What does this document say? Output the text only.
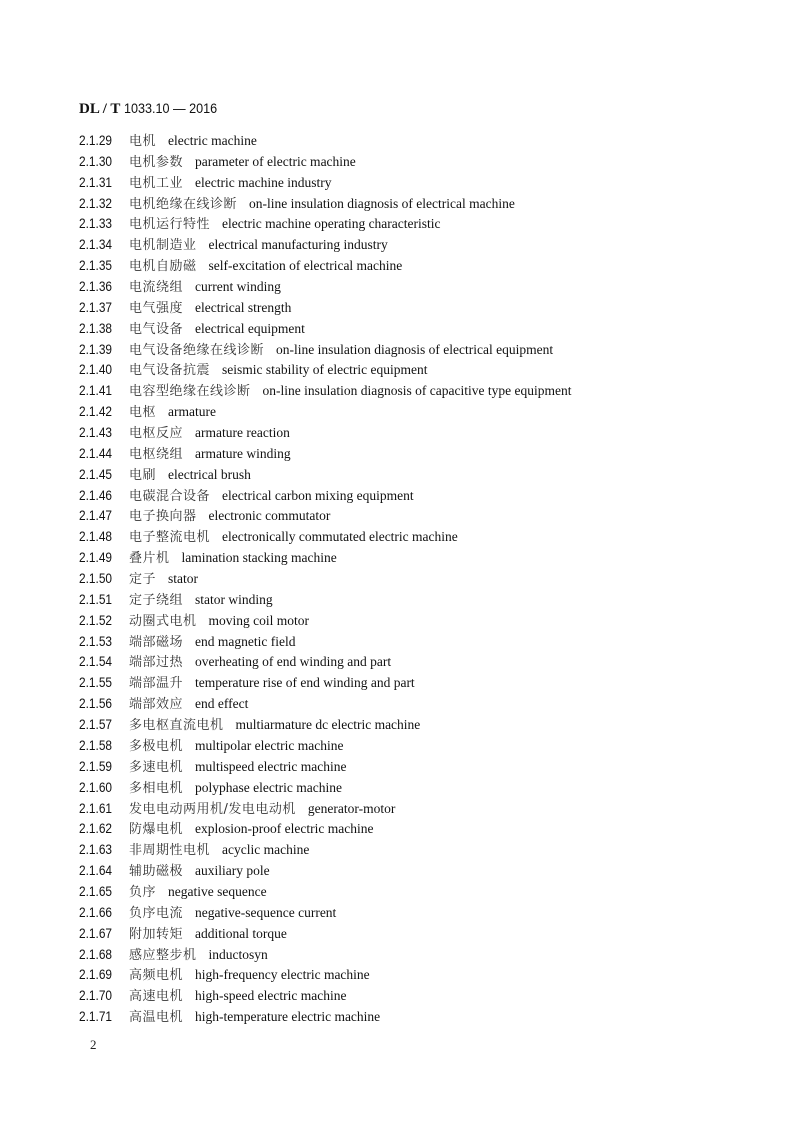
DL / T 1033.10 — 2016
2.1.29 电机 electric machine
2.1.30 电机参数 parameter of electric machine
2.1.31 电机工业 electric machine industry
2.1.32 电机绝缘在线诊断 on-line insulation diagnosis of electrical machine
2.1.33 电机运行特性 electric machine operating characteristic
2.1.34 电机制造业 electrical manufacturing industry
2.1.35 电机自励磁 self-excitation of electrical machine
2.1.36 电流绕组 current winding
2.1.37 电气强度 electrical strength
2.1.38 电气设备 electrical equipment
2.1.39 电气设备绝缘在线诊断 on-line insulation diagnosis of electrical equipment
2.1.40 电气设备抗震 seismic stability of electric equipment
2.1.41 电容型绝缘在线诊断 on-line insulation diagnosis of capacitive type equipment
2.1.42 电枢 armature
2.1.43 电枢反应 armature reaction
2.1.44 电枢绕组 armature winding
2.1.45 电刷 electrical brush
2.1.46 电碳混合设备 electrical carbon mixing equipment
2.1.47 电子换向器 electronic commutator
2.1.48 电子整流电机 electronically commutated electric machine
2.1.49 叠片机 lamination stacking machine
2.1.50 定子 stator
2.1.51 定子绕组 stator winding
2.1.52 动圈式电机 moving coil motor
2.1.53 端部磁场 end magnetic field
2.1.54 端部过热 overheating of end winding and part
2.1.55 端部温升 temperature rise of end winding and part
2.1.56 端部效应 end effect
2.1.57 多电枢直流电机 multiarmature dc electric machine
2.1.58 多极电机 multipolar electric machine
2.1.59 多速电机 multispeed electric machine
2.1.60 多相电机 polyphase electric machine
2.1.61 发电电动两用机/发电电动机 generator-motor
2.1.62 防爆电机 explosion-proof electric machine
2.1.63 非周期性电机 acyclic machine
2.1.64 辅助磁极 auxiliary pole
2.1.65 负序 negative sequence
2.1.66 负序电流 negative-sequence current
2.1.67 附加转矩 additional torque
2.1.68 感应整步机 inductosyn
2.1.69 高频电机 high-frequency electric machine
2.1.70 高速电机 high-speed electric machine
2.1.71 高温电机 high-temperature electric machine
2
